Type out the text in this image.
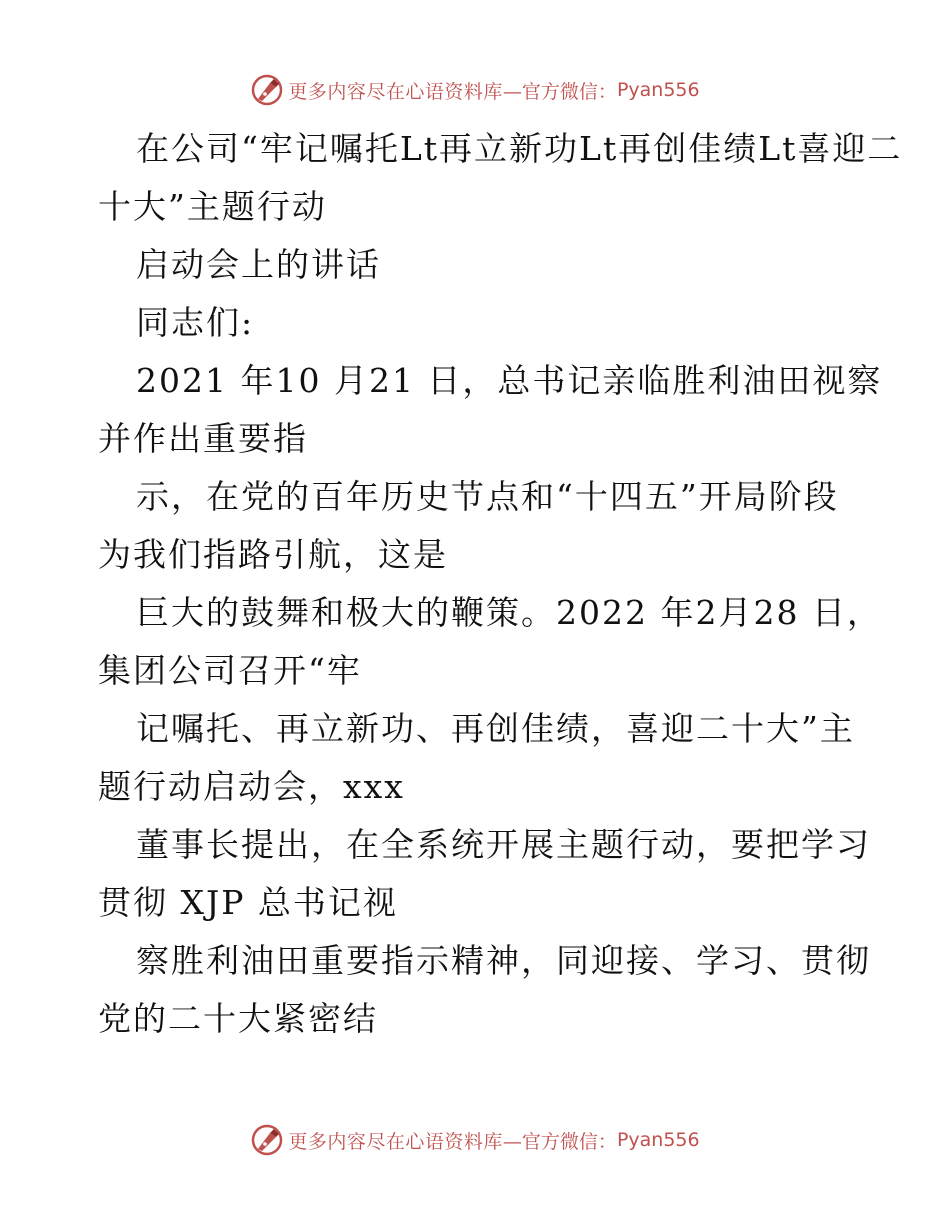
更多内容尽在心语资料库 —官方微信： Pyan556
在公司“牢记嘱托Lt再立新功Lt再创佳绩Lt喜迎二
十大”主题行动
启动会上的讲话
同志们:
2021 年10 月21 日，总书记亲临胜利油田视察
并作出重要指
示，在党的百年历史节点和“十四五”开局阶段
为我们指路引航，这是
巨大的鼓舞和极大的鞭策。2022 年2月28 日，
集团公司召开“牢
记嘱托、再立新功、再创佳绩，喜迎二十大”主
题行动启动会，xxx
董事长提出，在全系统开展主题行动，要把学习
贯彻 XJP 总书记视
察胜利油田重要指示精神，同迎接、学习、贯彻
党的二十大紧密结
更多内容尽在心语资料库 —官方微信： Pyan556
